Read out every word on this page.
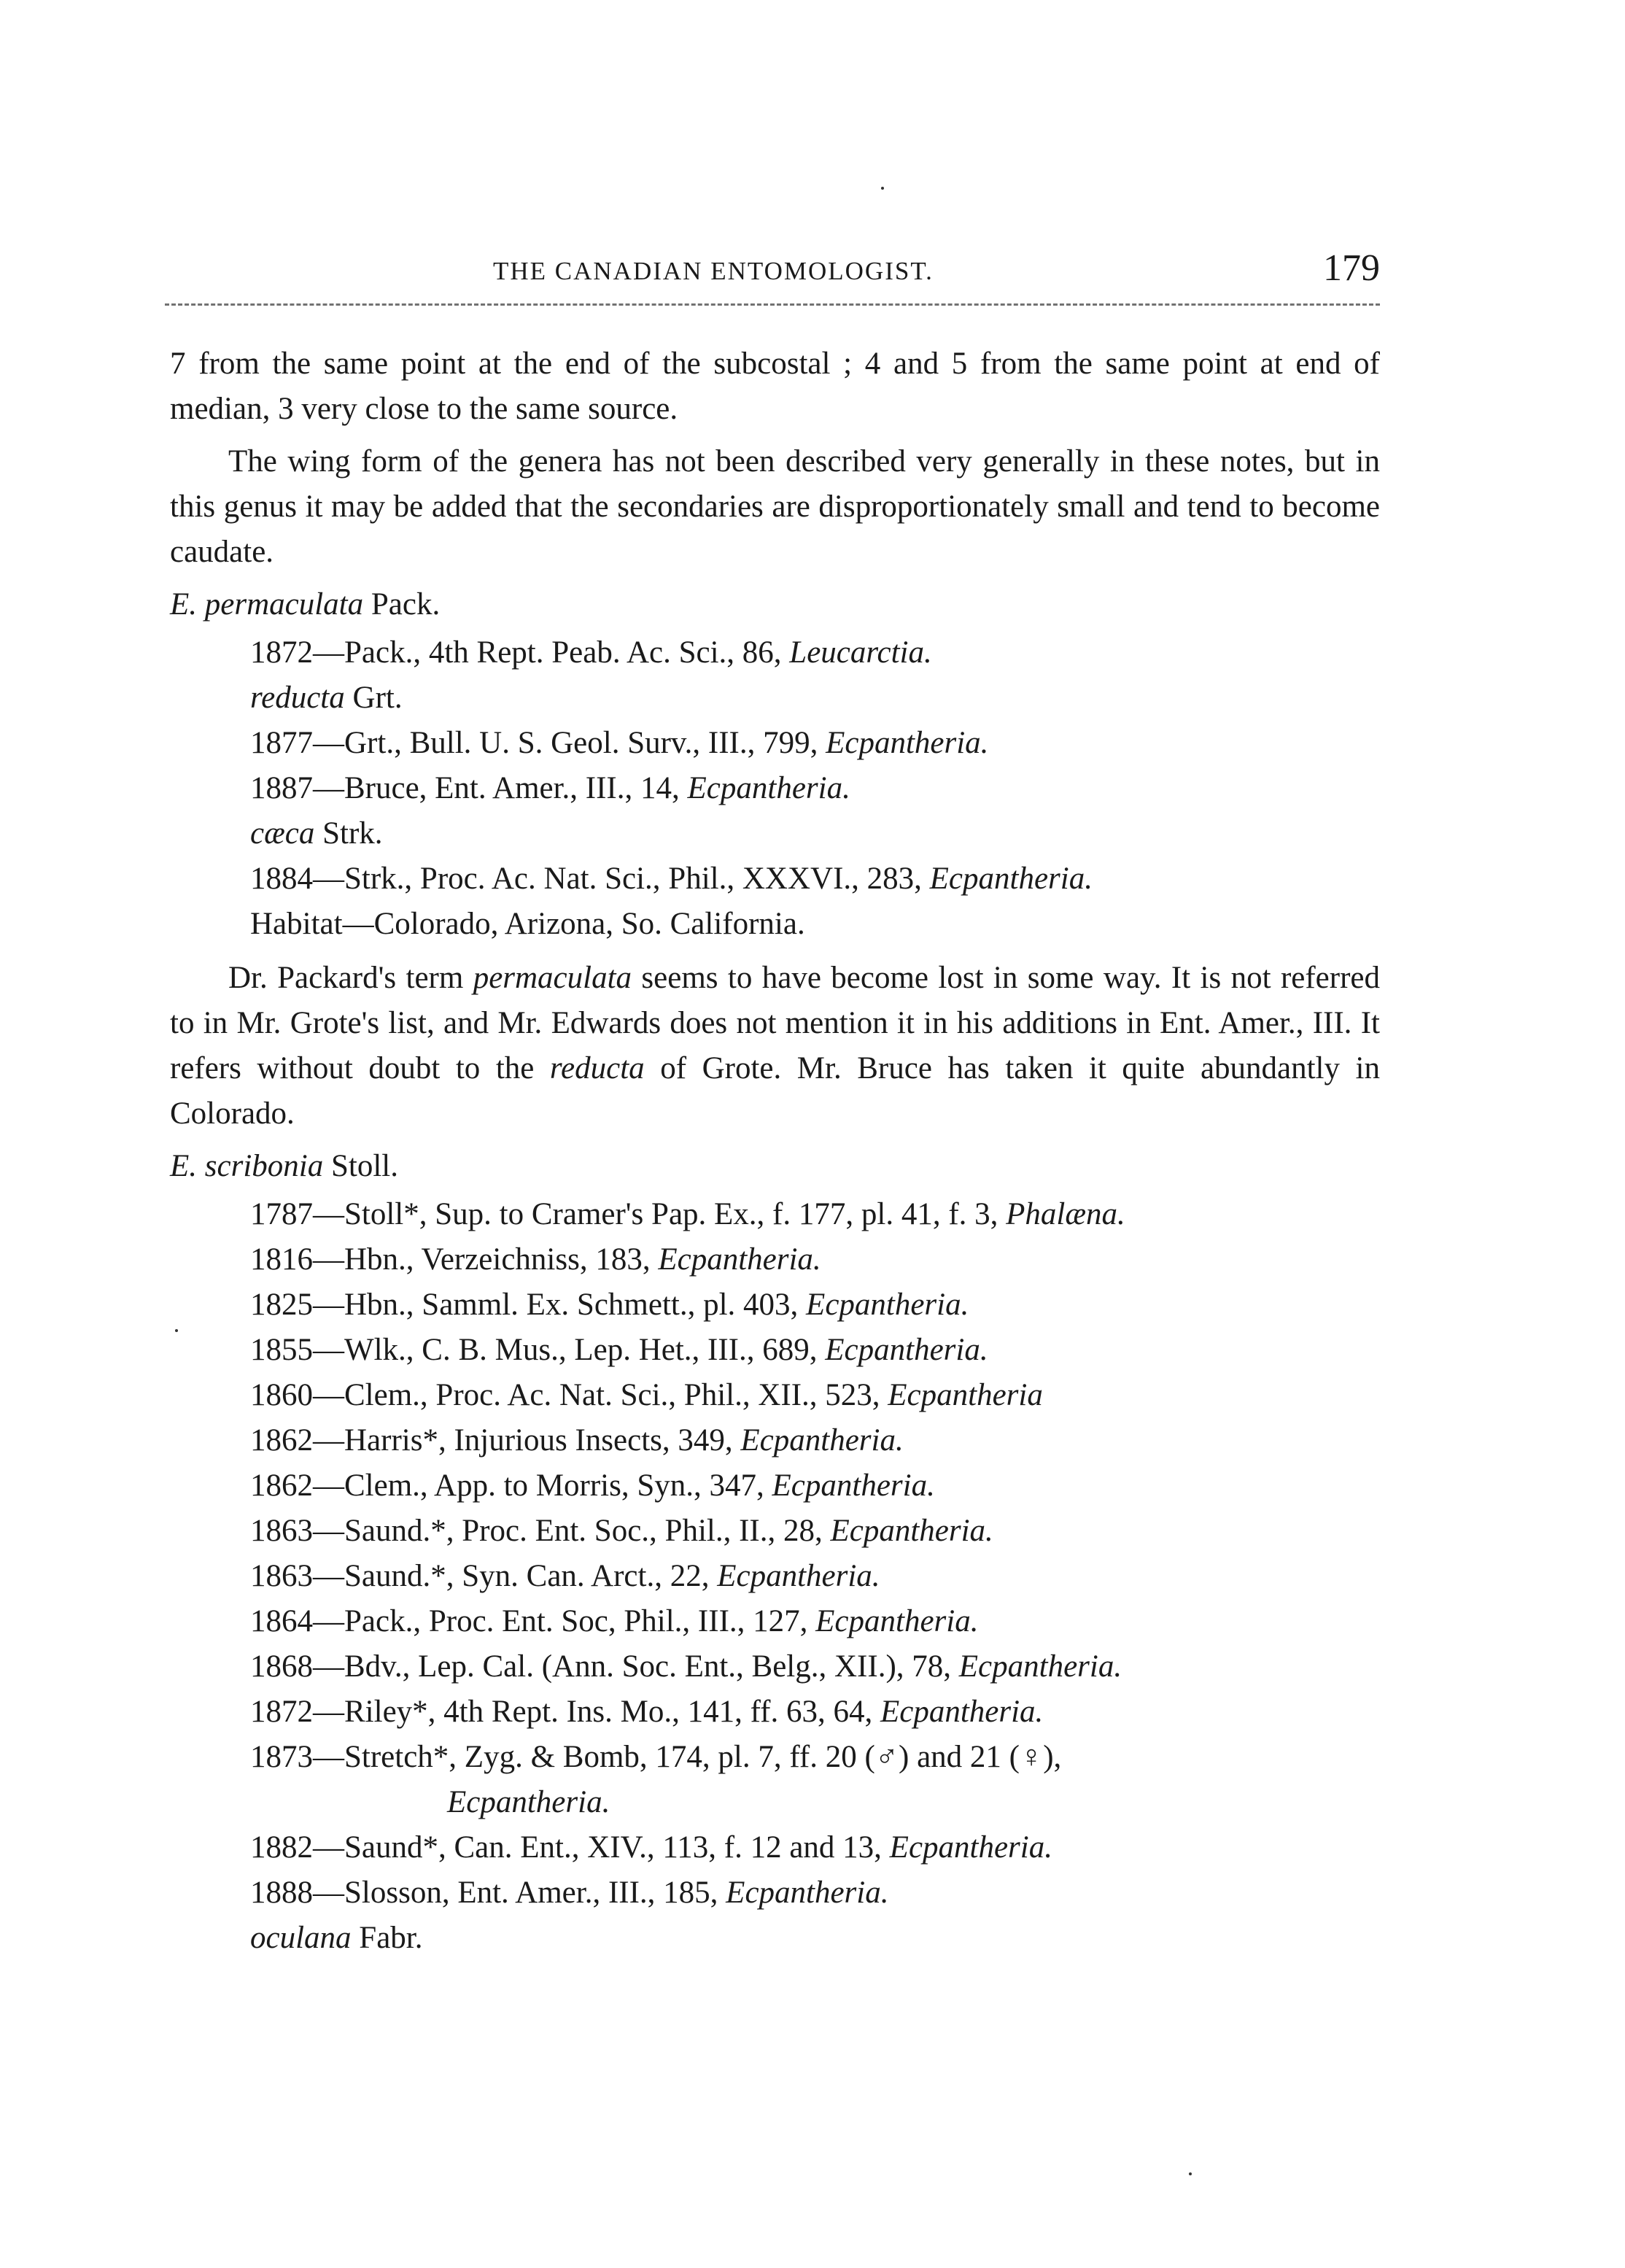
THE CANADIAN ENTOMOLOGIST.	179

7 from the same point at the end of the subcostal ; 4 and 5 from the same point at end of median, 3 very close to the same source.

The wing form of the genera has not been described very generally in these notes, but in this genus it may be added that the secondaries are disproportionately small and tend to become caudate.

E. permaculata Pack.
1872—Pack., 4th Rept. Peab. Ac. Sci., 86, Leucarctia.
reducta Grt.
1877—Grt., Bull. U. S. Geol. Surv., III., 799, Ecpantheria.
1887—Bruce, Ent. Amer., III., 14, Ecpantheria.
cæca Strk.
1884—Strk., Proc. Ac. Nat. Sci., Phil., XXXVI., 283, Ecpantheria.
Habitat—Colorado, Arizona, So. California.

Dr. Packard's term permaculata seems to have become lost in some way. It is not referred to in Mr. Grote's list, and Mr. Edwards does not mention it in his additions in Ent. Amer., III. It refers without doubt to the reducta of Grote. Mr. Bruce has taken it quite abundantly in Colorado.

E. scribonia Stoll.
1787—Stoll*, Sup. to Cramer's Pap. Ex., f. 177, pl. 41, f. 3, Phalæna.
1816—Hbn., Verzeichniss, 183, Ecpantheria.
1825—Hbn., Samml. Ex. Schmett., pl. 403, Ecpantheria.
1855—Wlk., C. B. Mus., Lep. Het., III., 689, Ecpantheria.
1860—Clem., Proc. Ac. Nat. Sci., Phil., XII., 523, Ecpantheria
1862—Harris*, Injurious Insects, 349, Ecpantheria.
1862—Clem., App. to Morris, Syn., 347, Ecpantheria.
1863—Saund.*, Proc. Ent. Soc., Phil., II., 28, Ecpantheria.
1863—Saund.*, Syn. Can. Arct., 22, Ecpantheria.
1864—Pack., Proc. Ent. Soc, Phil., III., 127, Ecpantheria.
1868—Bdv., Lep. Cal. (Ann. Soc. Ent., Belg., XII.), 78, Ecpantheria.
1872—Riley*, 4th Rept. Ins. Mo., 141, ff. 63, 64, Ecpantheria.
1873—Stretch*, Zyg. & Bomb, 174, pl. 7, ff. 20 (♂) and 21 (♀),
Ecpantheria.
1882—Saund*, Can. Ent., XIV., 113, f. 12 and 13, Ecpantheria.
1888—Slosson, Ent. Amer., III., 185, Ecpantheria.
oculana Fabr.
